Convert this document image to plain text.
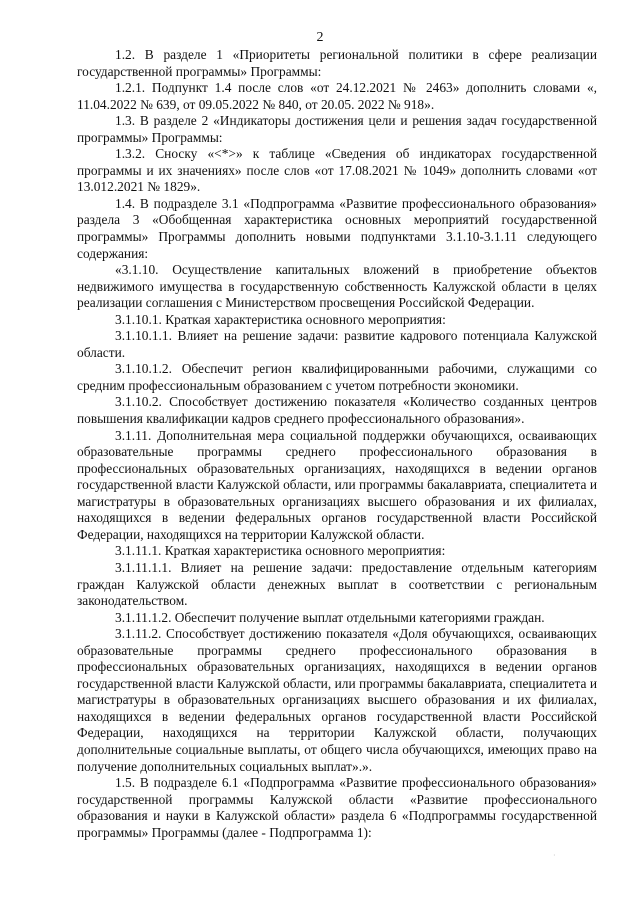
2

1.2. В разделе 1 «Приоритеты региональной политики в сфере реализации государственной программы» Программы:

1.2.1. Подпункт 1.4 после слов «от 24.12.2021 № 2463» дополнить словами «, 11.04.2022 № 639, от 09.05.2022 № 840, от 20.05. 2022 № 918».

1.3. В разделе 2 «Индикаторы достижения цели и решения задач государственной программы» Программы:

1.3.2. Сноску «<*>» к таблице «Сведения об индикаторах государственной программы и их значениях» после слов «от 17.08.2021 № 1049» дополнить словами «от 13.012.2021 № 1829».

1.4. В подразделе 3.1 «Подпрограмма «Развитие профессионального образования» раздела 3 «Обобщенная характеристика основных мероприятий государственной программы» Программы дополнить новыми подпунктами 3.1.10-3.1.11 следующего содержания:

«3.1.10. Осуществление капитальных вложений в приобретение объектов недвижимого имущества в государственную собственность Калужской области в целях реализации соглашения с Министерством просвещения Российской Федерации.

3.1.10.1. Краткая характеристика основного мероприятия:

3.1.10.1.1. Влияет на решение задачи: развитие кадрового потенциала Калужской области.

3.1.10.1.2. Обеспечит регион квалифицированными рабочими, служащими со средним профессиональным образованием с учетом потребности экономики.

3.1.10.2. Способствует достижению показателя «Количество созданных центров повышения квалификации кадров среднего профессионального образования».

3.1.11. Дополнительная мера социальной поддержки обучающихся, осваивающих образовательные программы среднего профессионального образования в профессиональных образовательных организациях, находящихся в ведении органов государственной власти Калужской области, или программы бакалавриата, специалитета и магистратуры в образовательных организациях высшего образования и их филиалах, находящихся в ведении федеральных органов государственной власти Российской Федерации, находящихся на территории Калужской области.

3.1.11.1. Краткая характеристика основного мероприятия:

3.1.11.1.1. Влияет на решение задачи: предоставление отдельным категориям граждан Калужской области денежных выплат в соответствии с региональным законодательством.

3.1.11.1.2. Обеспечит получение выплат отдельными категориями граждан.

3.1.11.2. Способствует достижению показателя «Доля обучающихся, осваивающих образовательные программы среднего профессионального образования в профессиональных образовательных организациях, находящихся в ведении органов государственной власти Калужской области, или программы бакалавриата, специалитета и магистратуры в образовательных организациях высшего образования и их филиалах, находящихся в ведении федеральных органов государственной власти Российской Федерации, находящихся на территории Калужской области, получающих дополнительные социальные выплаты, от общего числа обучающихся, имеющих право на получение дополнительных социальных выплат».».

1.5. В подразделе 6.1 «Подпрограмма «Развитие профессионального образования» государственной программы Калужской области «Развитие профессионального образования и науки в Калужской области» раздела 6 «Подпрограммы государственной программы» Программы (далее - Подпрограмма 1):

·
